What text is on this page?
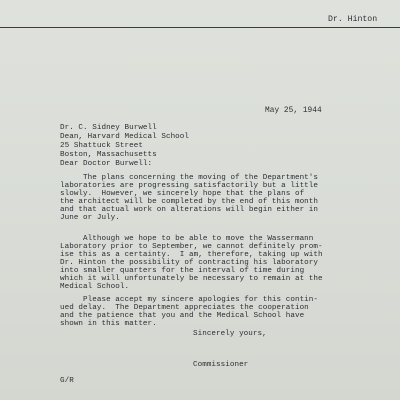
Dr. Hinton
May 25, 1944
Dr. C. Sidney Burwell
Dean, Harvard Medical School
25 Shattuck Street
Boston, Massachusetts
Dear Doctor Burwell:
The plans concerning the moving of the Department's
laboratories are progressing satisfactorily but a little
slowly.  However, we sincerely hope that the plans of
the architect will be completed by the end of this month
and that actual work on alterations will begin either in
June or July.
Although we hope to be able to move the Wassermann
Laboratory prior to September, we cannot definitely prom-
ise this as a certainty.  I am, therefore, taking up with
Dr. Hinton the possibility of contracting his laboratory
into smaller quarters for the interval of time during
which it will unfortunately be necessary to remain at the
Medical School.
Please accept my sincere apologies for this contin-
ued delay.  The Department appreciates the cooperation
and the patience that you and the Medical School have
shown in this matter.
Sincerely yours,
Commissioner
G/R
